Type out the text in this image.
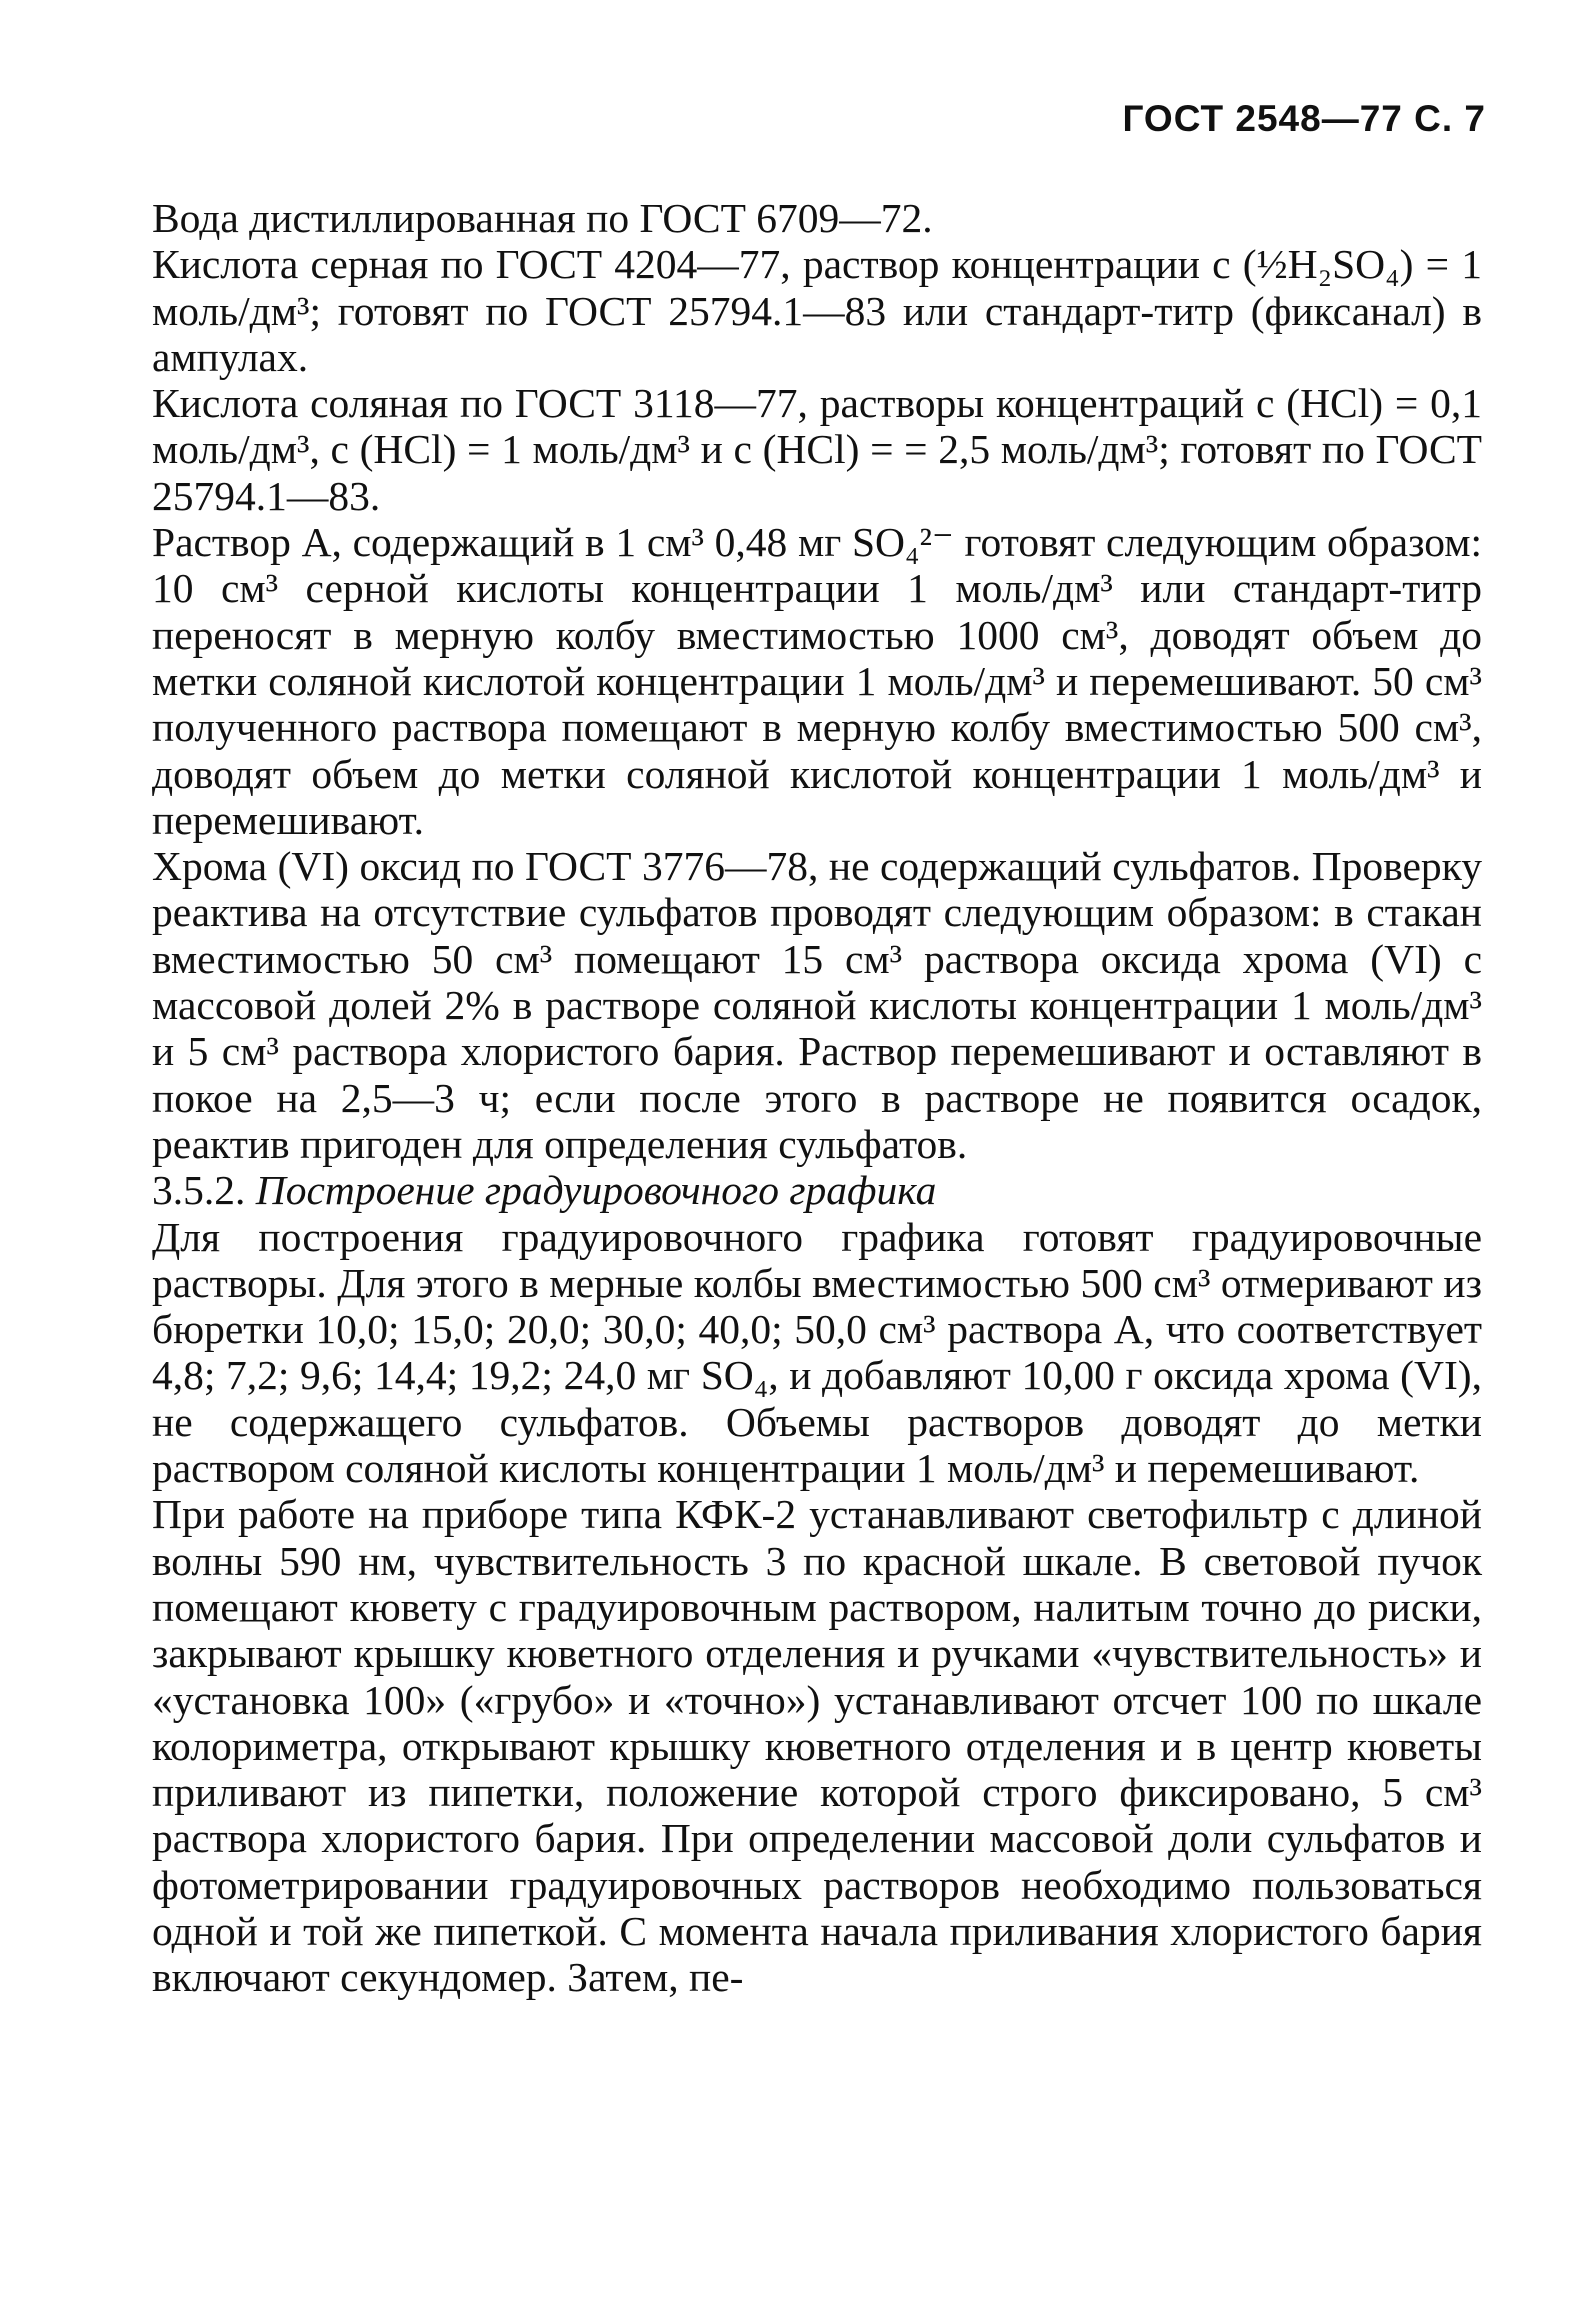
ГОСТ 2548—77 С. 7

Вода дистиллированная по ГОСТ 6709—72.

Кислота серная по ГОСТ 4204—77, раствор концентрации c (½H₂SO₄) = 1 моль/дм³; готовят по ГОСТ 25794.1—83 или стандарт-титр (фиксанал) в ампулах.

Кислота соляная по ГОСТ 3118—77, растворы концентраций c (HCl) = 0,1 моль/дм³, c (HCl) = 1 моль/дм³ и c (HCl) = = 2,5 моль/дм³; готовят по ГОСТ 25794.1—83.

Раствор А, содержащий в 1 см³ 0,48 мг SO₄²⁻ готовят следующим образом: 10 см³ серной кислоты концентрации 1 моль/дм³ или стандарт-титр переносят в мерную колбу вместимостью 1000 см³, доводят объем до метки соляной кислотой концентрации 1 моль/дм³ и перемешивают. 50 см³ полученного раствора помещают в мерную колбу вместимостью 500 см³, доводят объем до метки соляной кислотой концентрации 1 моль/дм³ и перемешивают.

Хрома (VI) оксид по ГОСТ 3776—78, не содержащий сульфатов. Проверку реактива на отсутствие сульфатов проводят следующим образом: в стакан вместимостью 50 см³ помещают 15 см³ раствора оксида хрома (VI) с массовой долей 2% в растворе соляной кислоты концентрации 1 моль/дм³ и 5 см³ раствора хлористого бария. Раствор перемешивают и оставляют в покое на 2,5—3 ч; если после этого в растворе не появится осадок, реактив пригоден для определения сульфатов.

3.5.2. Построение градуировочного графика

Для построения градуировочного графика готовят градуировочные растворы. Для этого в мерные колбы вместимостью 500 см³ отмеривают из бюретки 10,0; 15,0; 20,0; 30,0; 40,0; 50,0 см³ раствора А, что соответствует 4,8; 7,2; 9,6; 14,4; 19,2; 24,0 мг SO₄, и добавляют 10,00 г оксида хрома (VI), не содержащего сульфатов. Объемы растворов доводят до метки раствором соляной кислоты концентрации 1 моль/дм³ и перемешивают.

При работе на приборе типа КФК-2 устанавливают светофильтр с длиной волны 590 нм, чувствительность 3 по красной шкале. В световой пучок помещают кювету с градуировочным раствором, налитым точно до риски, закрывают крышку кюветного отделения и ручками «чувствительность» и «установка 100» («грубо» и «точно») устанавливают отсчет 100 по шкале колориметра, открывают крышку кюветного отделения и в центр кюветы приливают из пипетки, положение которой строго фиксировано, 5 см³ раствора хлористого бария. При определении массовой доли сульфатов и фотометрировании градуировочных растворов необходимо пользоваться одной и той же пипеткой. С момента начала приливания хлористого бария включают секундомер. Затем, пе-
